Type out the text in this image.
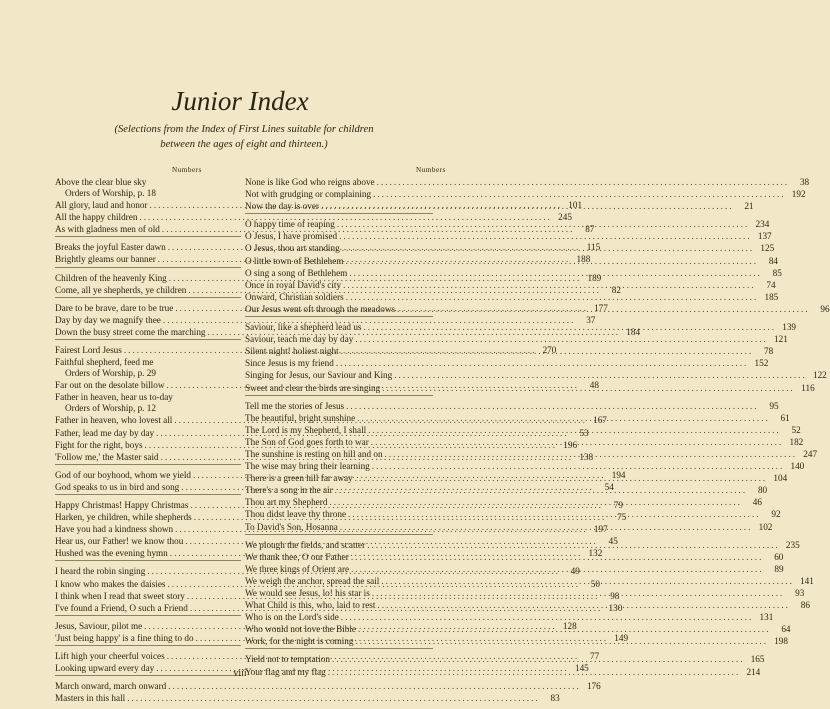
Junior Index
(Selections from the Index of First Lines suitable for children between the ages of eight and thirteen.)
Numbers	Numbers
Above the clear blue sky
Orders of Worship, p. 18
All glory, laud and honor .....	101
All the happy children .....	245
As with gladness men of old .....	87
Breaks the joyful Easter dawn .....	115
Brightly gleams our banner .....	188
Children of the heavenly King .....	189
Come, all ye shepherds, ye children .....	82
Dare to be brave, dare to be true .....	177
Day by day we magnify thee .....	37
Down the busy street come the marching .....	184
Fairest Lord Jesus .....	270
Faithful shepherd, feed me
Orders of Worship, p. 29
Far out on the desolate billow .....	48
Father in heaven, hear us to-day
Orders of Worship, p. 12
Father in heaven, who lovest all .....	167
Father, lead me day by day .....	53
Fight for the right, boys .....	196
'Follow me,' the Master said .....	138
God of our boyhood, whom we yield .....	194
God speaks to us in bird and song .....	54
Happy Christmas! Happy Christmas .....	79
Harken, ye children, while shepherds .....	75
Have you had a kindness shown .....	197
Hear us, our Father! we know thou .....	45
Hushed was the evening hymn .....	132
I heard the robin singing .....	49
I know who makes the daisies .....	50
I think when I read that sweet story .....	98
I've found a Friend, O such a Friend .....	130
Jesus, Saviour, pilot me .....	128
'Just being happy' is a fine thing to do .....	149
Lift high your cheerful voices .....	77
Looking upward every day .....	145
March onward, march onward .....	176
Masters in this hall .....	83
None is like God who reigns above .....	38
Not with grudging or complaining .....	192
Now the day is over .....	21
O happy time of reaping .....	234
O Jesus, I have promised .....	137
O Jesus, thou art standing .....	125
O little town of Bethlehem .....	84
O sing a song of Bethlehem .....	85
Once in royal David's city .....	74
Onward, Christian soldiers .....	185
Our Jesus went oft through the meadows .....	96
Saviour, like a shepherd lead us .....	139
Saviour, teach me day by day .....	121
Silent night! holiest night .....	78
Since Jesus is my friend .....	152
Singing for Jesus, our Saviour and King .....	122
Sweet and clear the birds are singing .....	116
Tell me the stories of Jesus .....	95
The beautiful, bright sunshine .....	61
The Lord is my Shepherd, I shall .....	52
The Son of God goes forth to war .....	182
The sunshine is resting on hill and on .....	247
The wise may bring their learning .....	140
There is a green hill far away .....	104
There's a song in the air .....	80
Thou art my Shepherd .....	46
Thou didst leave thy throne .....	92
To David's Son, Hosanna .....	102
We plough the fields, and scatter .....	235
We thank thee, O our Father .....	60
We three kings of Orient are .....	89
We weigh the anchor, spread the sail .....	141
We would see Jesus, lo! his star is .....	93
What Child is this, who, laid to rest .....	86
Who is on the Lord's side .....	131
Who would not love the Bible .....	64
Work, for the night is coming .....	198
Yield not to temptation .....	165
Your flag and my flag .....	214
viii
